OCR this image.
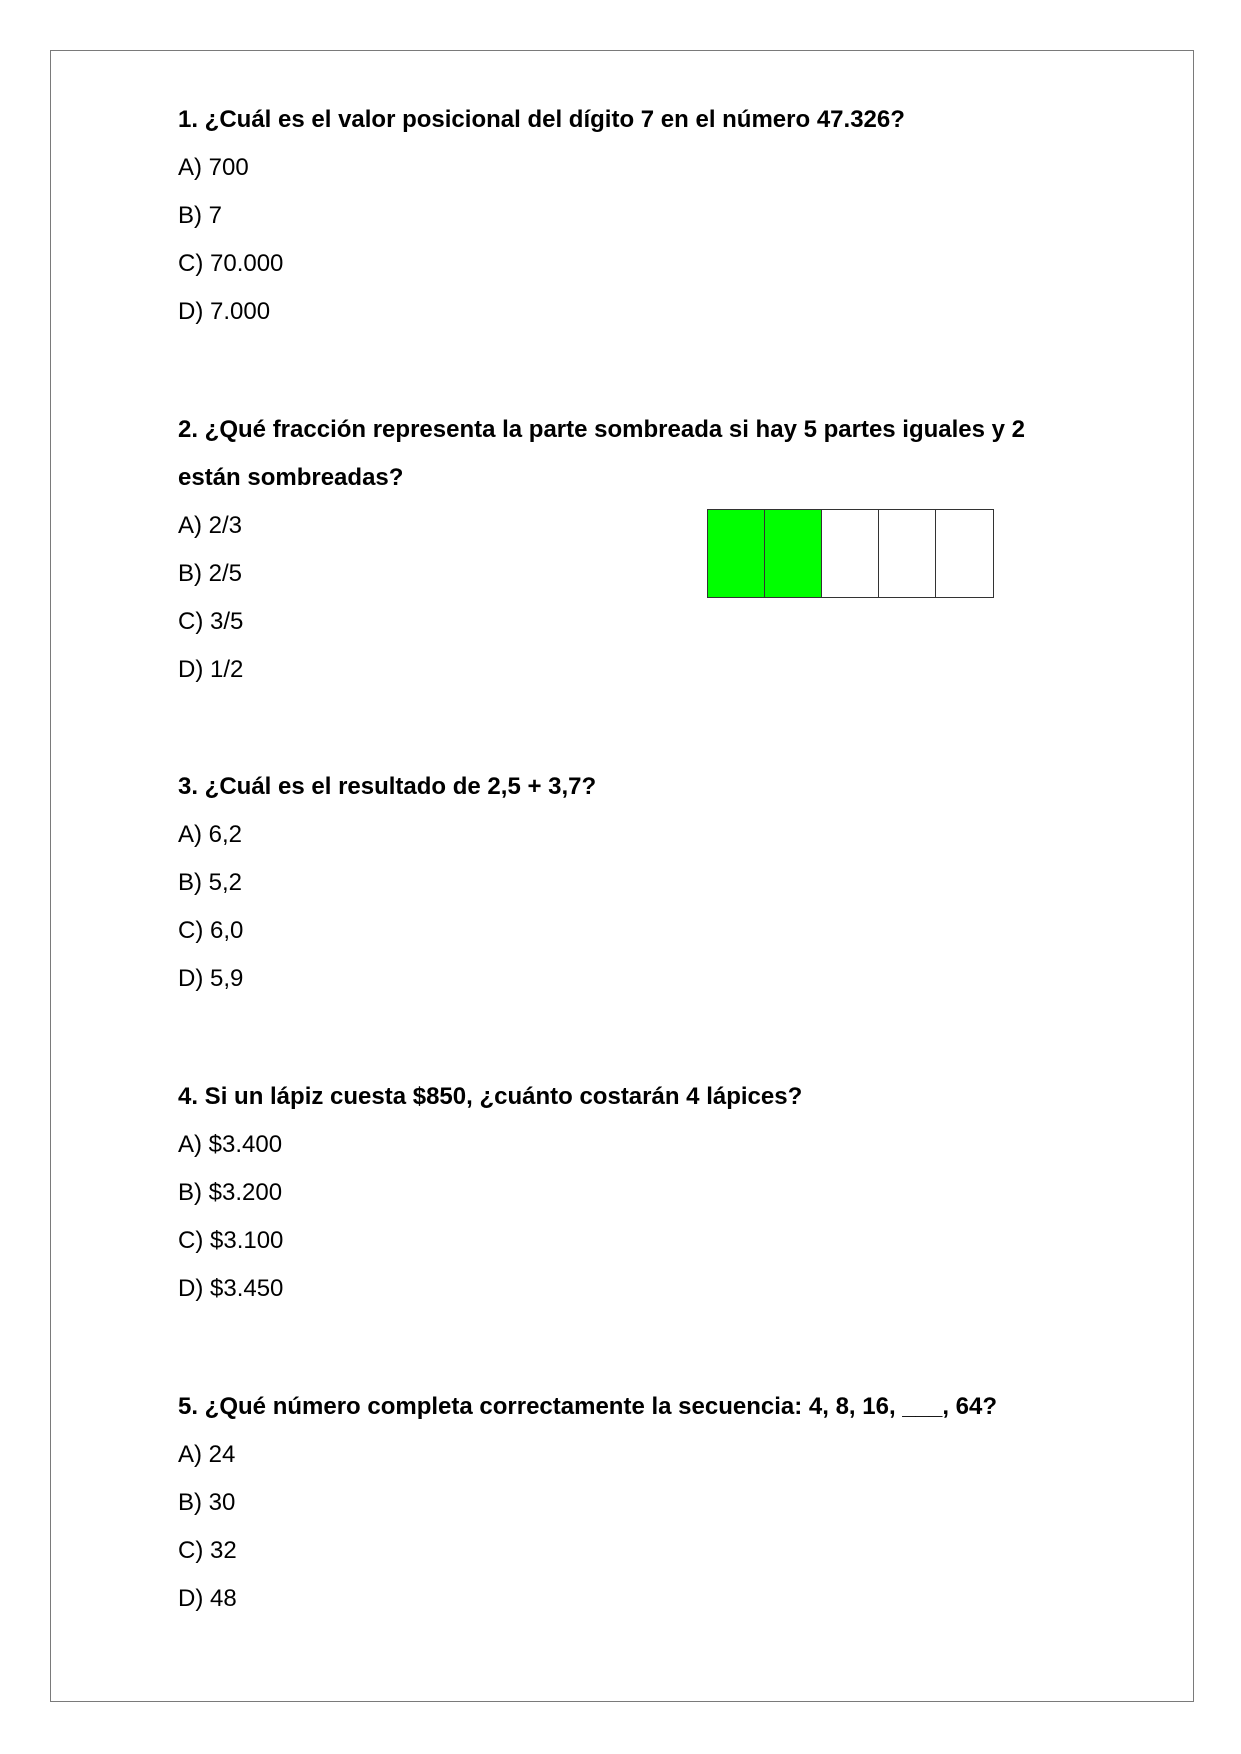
1. ¿Cuál es el valor posicional del dígito 7 en el número 47.326?

A) 700

B) 7

C) 70.000

D) 7.000

2. ¿Qué fracción representa la parte sombreada si hay 5 partes iguales y 2

están sombreadas?

A) 2/3

B) 2/5

C) 3/5

D) 1/2

3. ¿Cuál es el resultado de 2,5 + 3,7?

A) 6,2

B) 5,2

C) 6,0

D) 5,9

4. Si un lápiz cuesta $850, ¿cuánto costarán 4 lápices?

A) $3.400

B) $3.200

C) $3.100

D) $3.450

5. ¿Qué número completa correctamente la secuencia: 4, 8, 16, ___, 64?

A) 24

B) 30

C) 32

D) 48
